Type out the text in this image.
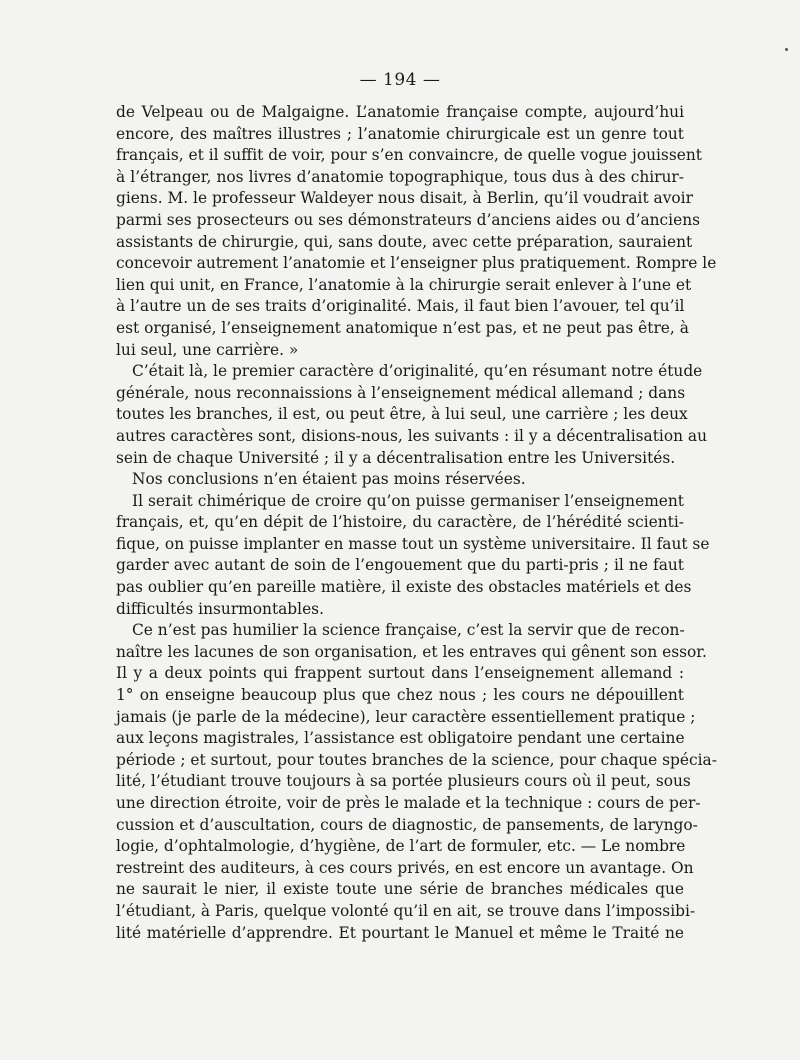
— 194 —
de Velpeau ou de Malgaigne. L’anatomie française compte, aujourd’hui
encore, des maîtres illustres ; l’anatomie chirurgicale est un genre tout
français, et il suffit de voir, pour s’en convaincre, de quelle vogue jouissent
à l’étranger, nos livres d’anatomie topographique, tous dus à des chirur-
giens. M. le professeur Waldeyer nous disait, à Berlin, qu’il voudrait avoir
parmi ses prosecteurs ou ses démonstrateurs d’anciens aides ou d’anciens
assistants de chirurgie, qui, sans doute, avec cette préparation, sauraient
concevoir autrement l’anatomie et l’enseigner plus pratiquement. Rompre le
lien qui unit, en France, l’anatomie à la chirurgie serait enlever à l’une et
à l’autre un de ses traits d’originalité. Mais, il faut bien l’avouer, tel qu’il
est organisé, l’enseignement anatomique n’est pas, et ne peut pas être, à
lui seul, une carrière. »
C’était là, le premier caractère d’originalité, qu’en résumant notre étude
générale, nous reconnaissions à l’enseignement médical allemand ; dans
toutes les branches, il est, ou peut être, à lui seul, une carrière ; les deux
autres caractères sont, disions-nous, les suivants : il y a décentralisation au
sein de chaque Université ; il y a décentralisation entre les Universités.
Nos conclusions n’en étaient pas moins réservées.
Il serait chimérique de croire qu’on puisse germaniser l’enseignement
français, et, qu’en dépit de l’histoire, du caractère, de l’hérédité scienti-
fique, on puisse implanter en masse tout un système universitaire. Il faut se
garder avec autant de soin de l’engouement que du parti-pris ; il ne faut
pas oublier qu’en pareille matière, il existe des obstacles matériels et des
difficultés insurmontables.
Ce n’est pas humilier la science française, c’est la servir que de recon-
naître les lacunes de son organisation, et les entraves qui gênent son essor.
Il y a deux points qui frappent surtout dans l’enseignement allemand :
1° on enseigne beaucoup plus que chez nous ; les cours ne dépouillent
jamais (je parle de la médecine), leur caractère essentiellement pratique ;
aux leçons magistrales, l’assistance est obligatoire pendant une certaine
période ; et surtout, pour toutes branches de la science, pour chaque spécia-
lité, l’étudiant trouve toujours à sa portée plusieurs cours où il peut, sous
une direction étroite, voir de près le malade et la technique : cours de per-
cussion et d’auscultation, cours de diagnostic, de pansements, de laryngo-
logie, d’ophtalmologie, d’hygiène, de l’art de formuler, etc. — Le nombre
restreint des auditeurs, à ces cours privés, en est encore un avantage. On
ne saurait le nier, il existe toute une série de branches médicales que
l’étudiant, à Paris, quelque volonté qu’il en ait, se trouve dans l’impossibi-
lité matérielle d’apprendre. Et pourtant le Manuel et même le Traité ne
